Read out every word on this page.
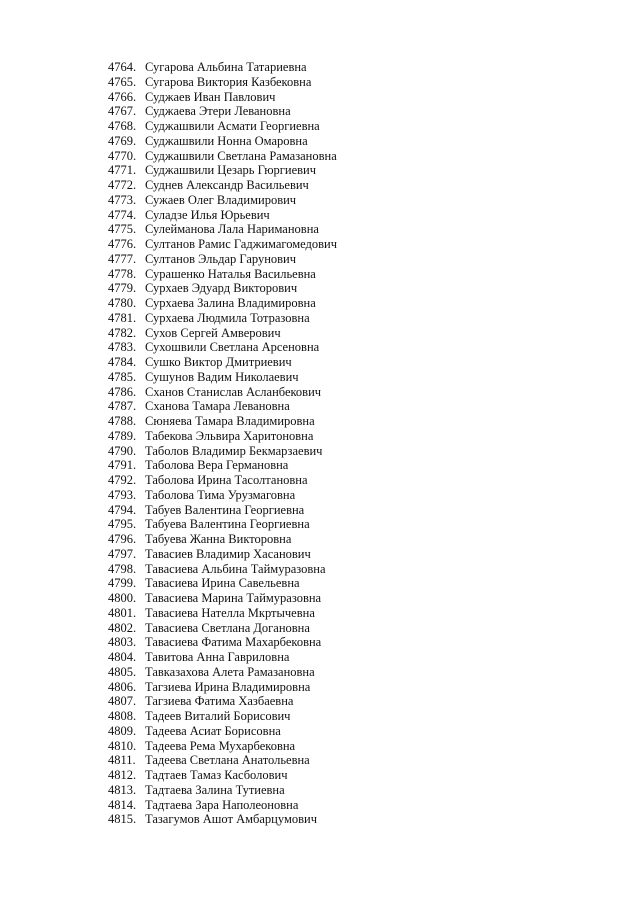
4764. Сугарова Альбина Татариевна
4765. Сугарова Виктория Казбековна
4766. Суджаев Иван Павлович
4767. Суджаева Этери Левановна
4768. Суджашвили Асмати Георгиевна
4769. Суджашвили Нонна Омаровна
4770. Суджашвили Светлана Рамазановна
4771. Суджашвили Цезарь Гюргиевич
4772. Суднев Александр Васильевич
4773. Сужаев Олег Владимирович
4774. Суладзе Илья Юрьевич
4775. Сулейманова Лала Наримановна
4776. Султанов Рамис Гаджимагомедович
4777. Султанов Эльдар Гарунович
4778. Сурашенко Наталья Васильевна
4779. Сурхаев Эдуард Викторович
4780. Сурхаева Залина Владимировна
4781. Сурхаева Людмила Тотразовна
4782. Сухов Сергей Амверович
4783. Сухошвили Светлана Арсеновна
4784. Сушко Виктор Дмитриевич
4785. Сушунов Вадим Николаевич
4786. Сханов Станислав Асланбекович
4787. Сханова Тамара Левановна
4788. Сюняева Тамара Владимировна
4789. Табекова Эльвира Харитоновна
4790. Таболов Владимир Бекмарзаевич
4791. Таболова Вера Германовна
4792. Таболова Ирина Тасолтановна
4793. Таболова Тима Урузмаговна
4794. Табуев Валентина Георгиевна
4795. Табуева Валентина Георгиевна
4796. Табуева Жанна Викторовна
4797. Тавасиев Владимир Хасанович
4798. Тавасиева Альбина Таймуразовна
4799. Тавасиева Ирина Савельевна
4800. Тавасиева Марина Таймуразовна
4801. Тавасиева Нателла Мкртычевна
4802. Тавасиева Светлана Догановна
4803. Тавасиева Фатима Махарбековна
4804. Тавитова Анна Гавриловна
4805. Тавказахова Алета Рамазановна
4806. Тагзиева Ирина Владимировна
4807. Тагзиева Фатима Хазбаевна
4808. Тадеев Виталий Борисович
4809. Тадеева Асиат Борисовна
4810. Тадеева Рема Мухарбековна
4811. Тадеева Светлана Анатольевна
4812. Тадтаев Тамаз Касболович
4813. Тадтаева Залина Тутиевна
4814. Тадтаева Зара Наполеоновна
4815. Тазагумов Ашот Амбарцумович
